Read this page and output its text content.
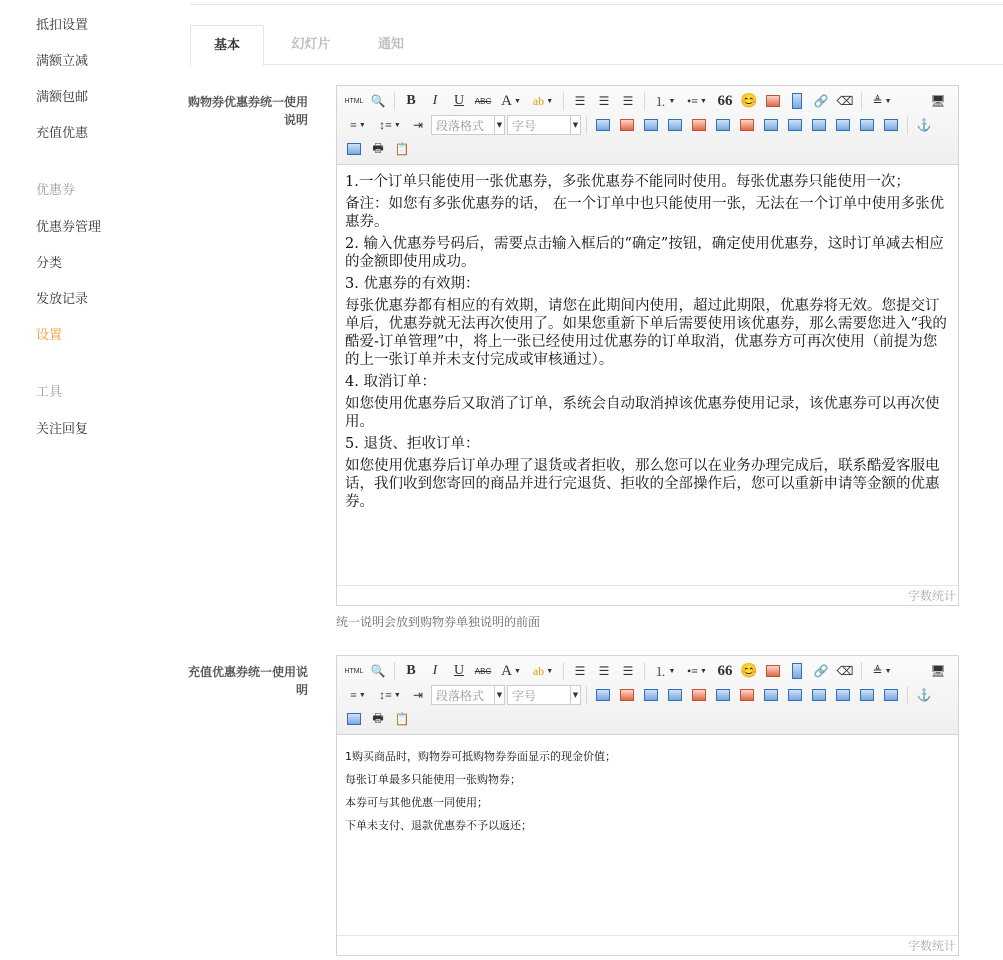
抵扣设置
满额立减
满额包邮
充值优惠
优惠券
优惠券管理
分类
发放记录
设置
工具
关注回复
基本	幻灯片	通知
购物券优惠券统一使用说明
HTML 🔍	B	I	U	ABC A ▼ ab ▼	☰	☰	☰	⒈ ▼ •≡ ▼ 66 😊	🔗 ⌫ ≜ ▼	🖥
≡ ▼ ↕≡ ▼	⇥	段落格式	▼ 字号	▼	⚓
🖶 📋

1.一个订单只能使用一张优惠券，多张优惠券不能同时使用。每张优惠券只能使用一次；

备注：如您有多张优惠券的话， 在一个订单中也只能使用一张，无法在一个订单中使用多张优惠券。

2. 输入优惠券号码后，需要点击输入框后的“确定”按钮，确定使用优惠券，这时订单减去相应的金额即使用成功。

3. 优惠券的有效期：

每张优惠券都有相应的有效期，请您在此期间内使用，超过此期限，优惠券将无效。您提交订单后，优惠券就无法再次使用了。如果您重新下单后需要使用该优惠券，那么需要您进入“我的酷爱-订单管理”中，将上一张已经使用过优惠券的订单取消，优惠券方可再次使用（前提为您的上一张订单并未支付完成或审核通过）。

4. 取消订单：

如您使用优惠券后又取消了订单，系统会自动取消掉该优惠券使用记录，该优惠券可以再次使用。

5. 退货、拒收订单：

如您使用优惠券后订单办理了退货或者拒收，那么您可以在业务办理完成后，联系酷爱客服电话，我们收到您寄回的商品并进行完退货、拒收的全部操作后，您可以重新申请等金额的优惠券。

字数统计
统一说明会放到购物券单独说明的前面
充值优惠券统一使用说明
HTML 🔍	B	I	U	ABC A ▼ ab ▼	☰	☰	☰	⒈ ▼ •≡ ▼ 66 😊	🔗 ⌫ ≜ ▼	🖥
≡ ▼ ↕≡ ▼	⇥	段落格式	▼ 字号	▼	⚓
🖶 📋

1购买商品时，购物券可抵购物券券面显示的现金价值；

每张订单最多只能使用一张购物券；

本券可与其他优惠一同使用；

下单未支付、退款优惠券不予以返还；

字数统计
